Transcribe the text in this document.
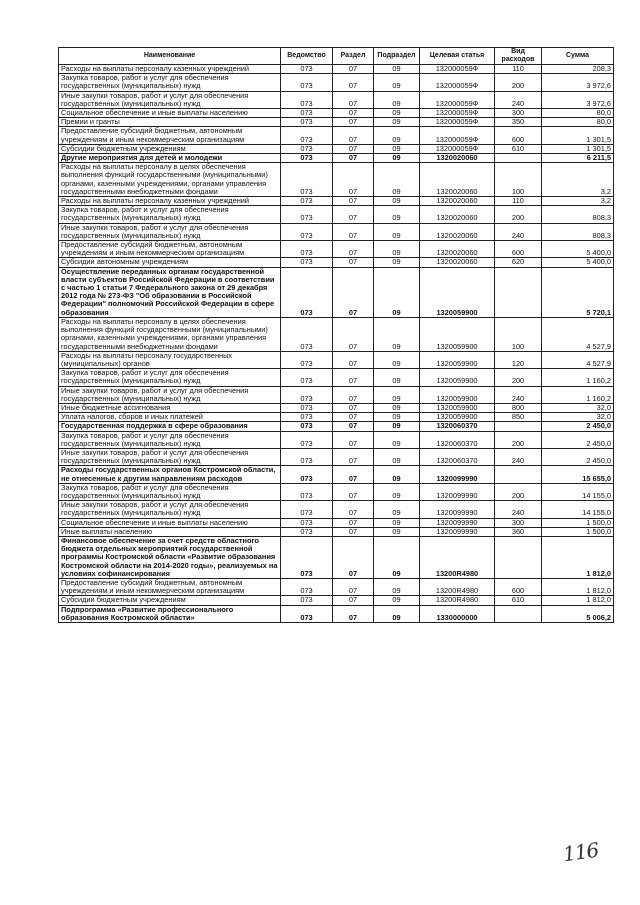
Наименование	Ведомство	Раздел	Подраздел	Целевая статья	Вид расходов	Сумма
Расходы на выплаты персоналу казенных учреждений	073	07	09	132000059Ф	110	208,3
Закупка товаров, работ и услуг для обеспечения государственных (муниципальных) нужд	073	07	09	132000059Ф	200	3 972,6
Иные закупки товаров, работ и услуг для обеспечения государственных (муниципальных) нужд	073	07	09	132000059Ф	240	3 972,6
Социальное обеспечение и иные выплаты населению	073	07	09	132000059Ф	300	80,0
Премии и гранты	073	07	09	132000059Ф	350	80,0
Предоставление субсидий бюджетным, автономным учреждениям и иным некоммерческим организациям	073	07	09	132000059Ф	600	1 301,5
Субсидии бюджетным учреждениям	073	07	09	132000059Ф	610	1 301,5
Другие мероприятия для детей и молодежи	073	07	09	1320020060		6 211,5
Расходы на выплаты персоналу в целях обеспечения выполнения функций государственными (муниципальными) органами, казенными учреждениями, органами управления государственными внебюджетными фондами	073	07	09	1320020060	100	3,2
Расходы на выплаты персоналу казенных учреждений	073	07	09	1320020060	110	3,2
Закупка товаров, работ и услуг для обеспечения государственных (муниципальных) нужд	073	07	09	1320020060	200	808,3
Иные закупки товаров, работ и услуг для обеспечения государственных (муниципальных) нужд	073	07	09	1320020060	240	808,3
Предоставление субсидий бюджетным, автономным учреждениям и иным некоммерческим организациям	073	07	09	1320020060	600	5 400,0
Субсидии автономным учреждениям	073	07	09	1320020060	620	5 400,0
Осуществление переданных органам государственной власти субъектов Российской Федерации в соответствии с частью 1 статьи 7 Федерального закона от 29 декабря 2012 года № 273-ФЗ "Об образовании в Российской Федерации" полномочий Российской Федерации в сфере образования	073	07	09	1320059900		5 720,1
Расходы на выплаты персоналу в целях обеспечения выполнения функций государственными (муниципальными) органами, казенными учреждениями, органами управления государственными внебюджетными фондами	073	07	09	1320059900	100	4 527,9
Расходы на выплаты персоналу государственных (муниципальных) органов	073	07	09	1320059900	120	4 527,9
Закупка товаров, работ и услуг для обеспечения государственных (муниципальных) нужд	073	07	09	1320059900	200	1 160,2
Иные закупки товаров, работ и услуг для обеспечения государственных (муниципальных) нужд	073	07	09	1320059900	240	1 160,2
Иные бюджетные ассигнования	073	07	09	1320059900	800	32,0
Уплата налогов, сборов и иных платежей	073	07	09	1320059900	850	32,0
Государственная поддержка в сфере образования	073	07	09	1320060370		2 450,0
Закупка товаров, работ и услуг для обеспечения государственных (муниципальных) нужд	073	07	09	1320060370	200	2 450,0
Иные закупки товаров, работ и услуг для обеспечения государственных (муниципальных) нужд	073	07	09	1320060370	240	2 450,0
Расходы государственных органов Костромской области, не отнесенные к другим направлениям расходов	073	07	09	1320099990		15 655,0
Закупка товаров, работ и услуг для обеспечения государственных (муниципальных) нужд	073	07	09	1320099990	200	14 155,0
Иные закупки товаров, работ и услуг для обеспечения государственных (муниципальных) нужд	073	07	09	1320099990	240	14 155,0
Социальное обеспечение и иные выплаты населению	073	07	09	1320099990	300	1 500,0
Иные выплаты населению	073	07	09	1320099990	360	1 500,0
Финансовое обеспечение за счет средств областного бюджета отдельных мероприятий государственной программы Костромской области «Развитие образования Костромской области на 2014-2020 годы», реализуемых на условиях софинансирования	073	07	09	13200R4980		1 812,0
Предоставление субсидий бюджетным, автономным учреждениям и иным некоммерческим организациям	073	07	09	13200R4980	600	1 812,0
Субсидии бюджетным учреждениям	073	07	09	13200R4980	610	1 812,0
Подпрограмма «Развитие профессионального образования Костромской области»	073	07	09	1330000000		5 006,2
116
